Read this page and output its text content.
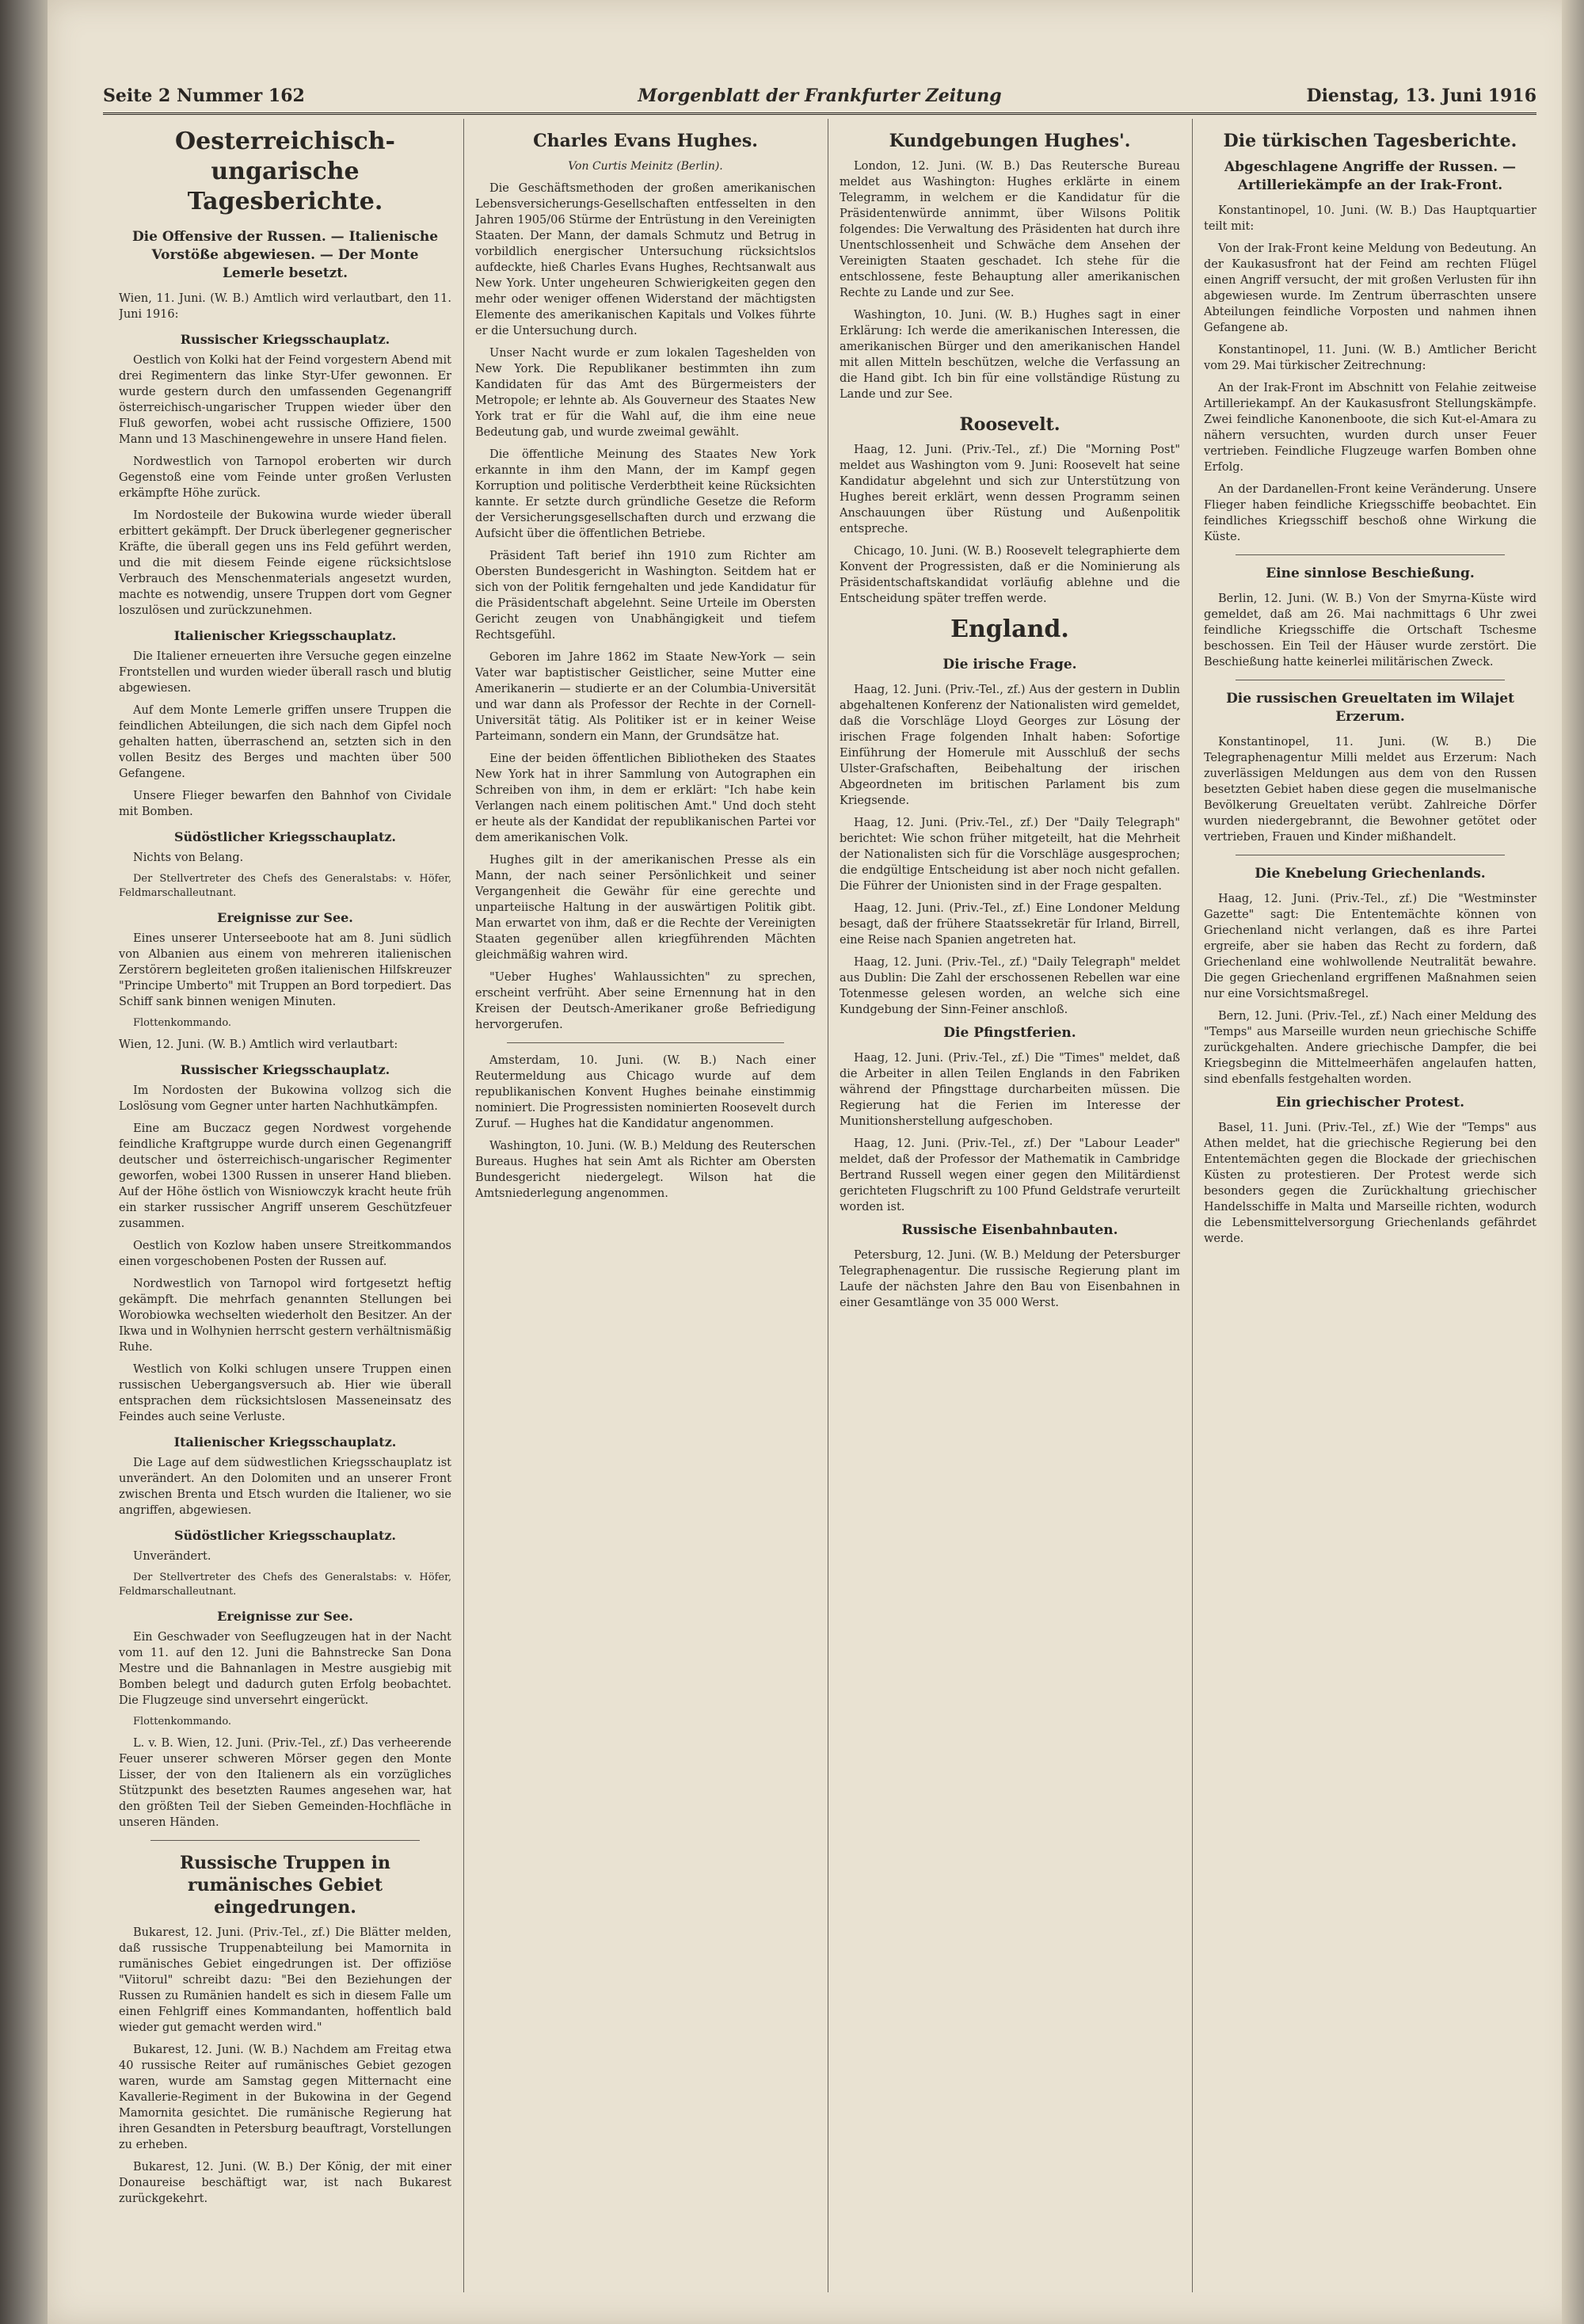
Seite 2 Nummer 162	Morgenblatt der Frankfurter Zeitung	Dienstag, 13. Juni 1916
Oesterreichisch-ungarische Tagesberichte.
Die Offensive der Russen. — Italienische Vorstöße abgewiesen. — Der Monte Lemerle besetzt.
Wien, 11. Juni. (W. B.) Amtlich wird verlautbart, den 11. Juni 1916:
Russischer Kriegsschauplatz.

Oestlich von Kolki hat der Feind vorgestern Abend mit drei Regimentern das linke Styr-Ufer gewonnen. Er wurde gestern durch den umfassenden Gegenangriff österreichisch-ungarischer Truppen wieder über den Fluß geworfen, wobei acht russische Offiziere, 1500 Mann und 13 Maschinengewehre in unsere Hand fielen.

Nordwestlich von Tarnopol eroberten wir durch Gegenstoß eine vom Feinde unter großen Verlusten erkämpfte Höhe zurück.

Im Nordosteile der Bukowina wurde wieder überall erbittert gekämpft. Der Druck überlegener gegnerischer Kräfte, die überall gegen uns ins Feld geführt werden, und die mit diesem Feinde eigene rücksichtslose Verbrauch des Menschenmaterials angesetzt wurden, machte es notwendig, unsere Truppen dort vom Gegner loszulösen und zurückzunehmen.

Italienischer Kriegsschauplatz.

Die Italiener erneuerten ihre Versuche gegen einzelne Frontstellen und wurden wieder überall rasch und blutig abgewiesen.

Auf dem Monte Lemerle griffen unsere Truppen die feindlichen Abteilungen, die sich nach dem Gipfel noch gehalten hatten, überraschend an, setzten sich in den vollen Besitz des Berges und machten über 500 Gefangene.

Unsere Flieger bewarfen den Bahnhof von Cividale mit Bomben.

Südöstlicher Kriegsschauplatz.

Nichts von Belang.

Der Stellvertreter des Chefs des Generalstabs: v. Höfer, Feldmarschalleutnant.

Ereignisse zur See.

Eines unserer Unterseeboote hat am 8. Juni südlich von Albanien aus einem von mehreren italienischen Zerstörern begleiteten großen italienischen Hilfskreuzer "Principe Umberto" mit Truppen an Bord torpediert. Das Schiff sank binnen wenigen Minuten.

Flottenkommando.

Wien, 12. Juni. (W. B.) Amtlich wird verlautbart:
Russischer Kriegsschauplatz.

Im Nordosten der Bukowina vollzog sich die Loslösung vom Gegner unter harten Nachhutkämpfen.

Eine am Buczacz gegen Nordwest vorgehende feindliche Kraftgruppe wurde durch einen Gegenangriff deutscher und österreichisch-ungarischer Regimenter geworfen, wobei 1300 Russen in unserer Hand blieben. Auf der Höhe östlich von Wisniowczyk kracht heute früh ein starker russischer Angriff unserem Geschützfeuer zusammen.

Oestlich von Kozlow haben unsere Streitkommandos einen vorgeschobenen Posten der Russen auf.

Nordwestlich von Tarnopol wird fortgesetzt heftig gekämpft. Die mehrfach genannten Stellungen bei Worobiowka wechselten wiederholt den Besitzer. An der Ikwa und in Wolhynien herrscht gestern verhältnismäßig Ruhe.

Westlich von Kolki schlugen unsere Truppen einen russischen Uebergangsversuch ab. Hier wie überall entsprachen dem rücksichtslosen Masseneinsatz des Feindes auch seine Verluste.

Italienischer Kriegsschauplatz.

Die Lage auf dem südwestlichen Kriegsschauplatz ist unverändert. An den Dolomiten und an unserer Front zwischen Brenta und Etsch wurden die Italiener, wo sie angriffen, abgewiesen.

Südöstlicher Kriegsschauplatz.

Unverändert.

Der Stellvertreter des Chefs des Generalstabs: v. Höfer, Feldmarschalleutnant.

Ereignisse zur See.

Ein Geschwader von Seeflugzeugen hat in der Nacht vom 11. auf den 12. Juni die Bahnstrecke San Dona Mestre und die Bahnanlagen in Mestre ausgiebig mit Bomben belegt und dadurch guten Erfolg beobachtet. Die Flugzeuge sind unversehrt eingerückt.

Flottenkommando.

L. v. B. Wien, 12. Juni. (Priv.-Tel., zf.) Das verheerende Feuer unserer schweren Mörser gegen den Monte Lisser, der von den Italienern als ein vorzügliches Stützpunkt des besetzten Raumes angesehen war, hat den größten Teil der Sieben Gemeinden-Hochfläche in unseren Händen.

Russische Truppen in rumänisches Gebiet eingedrungen.

Bukarest, 12. Juni. (Priv.-Tel., zf.) Die Blätter melden, daß russische Truppenabteilung bei Mamornita in rumänisches Gebiet eingedrungen ist. Der offiziöse "Viitorul" schreibt dazu: "Bei den Beziehungen der Russen zu Rumänien handelt es sich in diesem Falle um einen Fehlgriff eines Kommandanten, hoffentlich bald wieder gut gemacht werden wird."

Bukarest, 12. Juni. (W. B.) Nachdem am Freitag etwa 40 russische Reiter auf rumänisches Gebiet gezogen waren, wurde am Samstag gegen Mitternacht eine Kavallerie-Regiment in der Bukowina in der Gegend Mamornita gesichtet. Die rumänische Regierung hat ihren Gesandten in Petersburg beauftragt, Vorstellungen zu erheben.

Bukarest, 12. Juni. (W. B.) Der König, der mit einer Donaureise beschäftigt war, ist nach Bukarest zurückgekehrt.

Charles Evans Hughes.
Von Curtis Meinitz (Berlin).

Die Geschäftsmethoden der großen amerikanischen Lebensversicherungs-Gesellschaften entfesselten in den Jahren 1905/06 Stürme der Entrüstung in den Vereinigten Staaten. Der Mann, der damals Schmutz und Betrug in vorbildlich energischer Untersuchung rücksichtslos aufdeckte, hieß Charles Evans Hughes, Rechtsanwalt aus New York. Unter ungeheuren Schwierigkeiten gegen den mehr oder weniger offenen Widerstand der mächtigsten Elemente des amerikanischen Kapitals und Volkes führte er die Untersuchung durch.

Unser Nacht wurde er zum lokalen Tageshelden von New York. Die Republikaner bestimmten ihn zum Kandidaten für das Amt des Bürgermeisters der Metropole; er lehnte ab. Als Gouverneur des Staates New York trat er für die Wahl auf, die ihm eine neue Bedeutung gab, und wurde zweimal gewählt.

Die öffentliche Meinung des Staates New York erkannte in ihm den Mann, der im Kampf gegen Korruption und politische Verderbtheit keine Rücksichten kannte. Er setzte durch gründliche Gesetze die Reform der Versicherungsgesellschaften durch und erzwang die Aufsicht über die öffentlichen Betriebe.

Präsident Taft berief ihn 1910 zum Richter am Obersten Bundesgericht in Washington. Seitdem hat er sich von der Politik ferngehalten und jede Kandidatur für die Präsidentschaft abgelehnt. Seine Urteile im Obersten Gericht zeugen von Unabhängigkeit und tiefem Rechtsgefühl.

Geboren im Jahre 1862 im Staate New-York — sein Vater war baptistischer Geistlicher, seine Mutter eine Amerikanerin — studierte er an der Columbia-Universität und war dann als Professor der Rechte in der Cornell-Universität tätig. Als Politiker ist er in keiner Weise Parteimann, sondern ein Mann, der Grundsätze hat.

Eine der beiden öffentlichen Bibliotheken des Staates New York hat in ihrer Sammlung von Autographen ein Schreiben von ihm, in dem er erklärt: "Ich habe kein Verlangen nach einem politischen Amt." Und doch steht er heute als der Kandidat der republikanischen Partei vor dem amerikanischen Volk.

Hughes gilt in der amerikanischen Presse als ein Mann, der nach seiner Persönlichkeit und seiner Vergangenheit die Gewähr für eine gerechte und unparteiische Haltung in der auswärtigen Politik gibt. Man erwartet von ihm, daß er die Rechte der Vereinigten Staaten gegenüber allen kriegführenden Mächten gleichmäßig wahren wird.

"Ueber Hughes' Wahlaussichten" zu sprechen, erscheint verfrüht. Aber seine Ernennung hat in den Kreisen der Deutsch-Amerikaner große Befriedigung hervorgerufen.

Amsterdam, 10. Juni. (W. B.) Nach einer Reutermeldung aus Chicago wurde auf dem republikanischen Konvent Hughes beinahe einstimmig nominiert. Die Progressisten nominierten Roosevelt durch Zuruf. — Hughes hat die Kandidatur angenommen.

Washington, 10. Juni. (W. B.) Meldung des Reuterschen Bureaus. Hughes hat sein Amt als Richter am Obersten Bundesgericht niedergelegt. Wilson hat die Amtsniederlegung angenommen.

Kundgebungen Hughes'.

London, 12. Juni. (W. B.) Das Reutersche Bureau meldet aus Washington: Hughes erklärte in einem Telegramm, in welchem er die Kandidatur für die Präsidentenwürde annimmt, über Wilsons Politik folgendes: Die Verwaltung des Präsidenten hat durch ihre Unentschlossenheit und Schwäche dem Ansehen der Vereinigten Staaten geschadet. Ich stehe für die entschlossene, feste Behauptung aller amerikanischen Rechte zu Lande und zur See.

Washington, 10. Juni. (W. B.) Hughes sagt in einer Erklärung: Ich werde die amerikanischen Interessen, die amerikanischen Bürger und den amerikanischen Handel mit allen Mitteln beschützen, welche die Verfassung an die Hand gibt. Ich bin für eine vollständige Rüstung zu Lande und zur See.

Roosevelt.

Haag, 12. Juni. (Priv.-Tel., zf.) Die "Morning Post" meldet aus Washington vom 9. Juni: Roosevelt hat seine Kandidatur abgelehnt und sich zur Unterstützung von Hughes bereit erklärt, wenn dessen Programm seinen Anschauungen über Rüstung und Außenpolitik entspreche.

Chicago, 10. Juni. (W. B.) Roosevelt telegraphierte dem Konvent der Progressisten, daß er die Nominierung als Präsidentschaftskandidat vorläufig ablehne und die Entscheidung später treffen werde.

England.
Die irische Frage.

Haag, 12. Juni. (Priv.-Tel., zf.) Aus der gestern in Dublin abgehaltenen Konferenz der Nationalisten wird gemeldet, daß die Vorschläge Lloyd Georges zur Lösung der irischen Frage folgenden Inhalt haben: Sofortige Einführung der Homerule mit Ausschluß der sechs Ulster-Grafschaften, Beibehaltung der irischen Abgeordneten im britischen Parlament bis zum Kriegsende.

Haag, 12. Juni. (Priv.-Tel., zf.) Der "Daily Telegraph" berichtet: Wie schon früher mitgeteilt, hat die Mehrheit der Nationalisten sich für die Vorschläge ausgesprochen; die endgültige Entscheidung ist aber noch nicht gefallen. Die Führer der Unionisten sind in der Frage gespalten.

Haag, 12. Juni. (Priv.-Tel., zf.) Eine Londoner Meldung besagt, daß der frühere Staatssekretär für Irland, Birrell, eine Reise nach Spanien angetreten hat.

Haag, 12. Juni. (Priv.-Tel., zf.) "Daily Telegraph" meldet aus Dublin: Die Zahl der erschossenen Rebellen war eine Totenmesse gelesen worden, an welche sich eine Kundgebung der Sinn-Feiner anschloß.

Die Pfingstferien.

Haag, 12. Juni. (Priv.-Tel., zf.) Die "Times" meldet, daß die Arbeiter in allen Teilen Englands in den Fabriken während der Pfingsttage durcharbeiten müssen. Die Regierung hat die Ferien im Interesse der Munitionsherstellung aufgeschoben.

Haag, 12. Juni. (Priv.-Tel., zf.) Der "Labour Leader" meldet, daß der Professor der Mathematik in Cambridge Bertrand Russell wegen einer gegen den Militärdienst gerichteten Flugschrift zu 100 Pfund Geldstrafe verurteilt worden ist.

Russische Eisenbahnbauten.

Petersburg, 12. Juni. (W. B.) Meldung der Petersburger Telegraphenagentur. Die russische Regierung plant im Laufe der nächsten Jahre den Bau von Eisenbahnen in einer Gesamtlänge von 35 000 Werst.

Die türkischen Tagesberichte.
Abgeschlagene Angriffe der Russen. — Artilleriekämpfe an der Irak-Front.

Konstantinopel, 10. Juni. (W. B.) Das Hauptquartier teilt mit:

Von der Irak-Front keine Meldung von Bedeutung. An der Kaukasusfront hat der Feind am rechten Flügel einen Angriff versucht, der mit großen Verlusten für ihn abgewiesen wurde. Im Zentrum überraschten unsere Abteilungen feindliche Vorposten und nahmen ihnen Gefangene ab.

Konstantinopel, 11. Juni. (W. B.) Amtlicher Bericht vom 29. Mai türkischer Zeitrechnung:

An der Irak-Front im Abschnitt von Felahie zeitweise Artilleriekampf. An der Kaukasusfront Stellungskämpfe. Zwei feindliche Kanonenboote, die sich Kut-el-Amara zu nähern versuchten, wurden durch unser Feuer vertrieben. Feindliche Flugzeuge warfen Bomben ohne Erfolg.

An der Dardanellen-Front keine Veränderung. Unsere Flieger haben feindliche Kriegsschiffe beobachtet. Ein feindliches Kriegsschiff beschoß ohne Wirkung die Küste.

Eine sinnlose Beschießung.

Berlin, 12. Juni. (W. B.) Von der Smyrna-Küste wird gemeldet, daß am 26. Mai nachmittags 6 Uhr zwei feindliche Kriegsschiffe die Ortschaft Tschesme beschossen. Ein Teil der Häuser wurde zerstört. Die Beschießung hatte keinerlei militärischen Zweck.

Die russischen Greueltaten im Wilajet Erzerum.

Konstantinopel, 11. Juni. (W. B.) Die Telegraphenagentur Milli meldet aus Erzerum: Nach zuverlässigen Meldungen aus dem von den Russen besetzten Gebiet haben diese gegen die muselmanische Bevölkerung Greueltaten verübt. Zahlreiche Dörfer wurden niedergebrannt, die Bewohner getötet oder vertrieben, Frauen und Kinder mißhandelt.

Die Knebelung Griechenlands.

Haag, 12. Juni. (Priv.-Tel., zf.) Die "Westminster Gazette" sagt: Die Ententemächte können von Griechenland nicht verlangen, daß es ihre Partei ergreife, aber sie haben das Recht zu fordern, daß Griechenland eine wohlwollende Neutralität bewahre. Die gegen Griechenland ergriffenen Maßnahmen seien nur eine Vorsichtsmaßregel.

Bern, 12. Juni. (Priv.-Tel., zf.) Nach einer Meldung des "Temps" aus Marseille wurden neun griechische Schiffe zurückgehalten. Andere griechische Dampfer, die bei Kriegsbeginn die Mittelmeerhäfen angelaufen hatten, sind ebenfalls festgehalten worden.

Ein griechischer Protest.

Basel, 11. Juni. (Priv.-Tel., zf.) Wie der "Temps" aus Athen meldet, hat die griechische Regierung bei den Ententemächten gegen die Blockade der griechischen Küsten zu protestieren. Der Protest werde sich besonders gegen die Zurückhaltung griechischer Handelsschiffe in Malta und Marseille richten, wodurch die Lebensmittelversorgung Griechenlands gefährdet werde.
